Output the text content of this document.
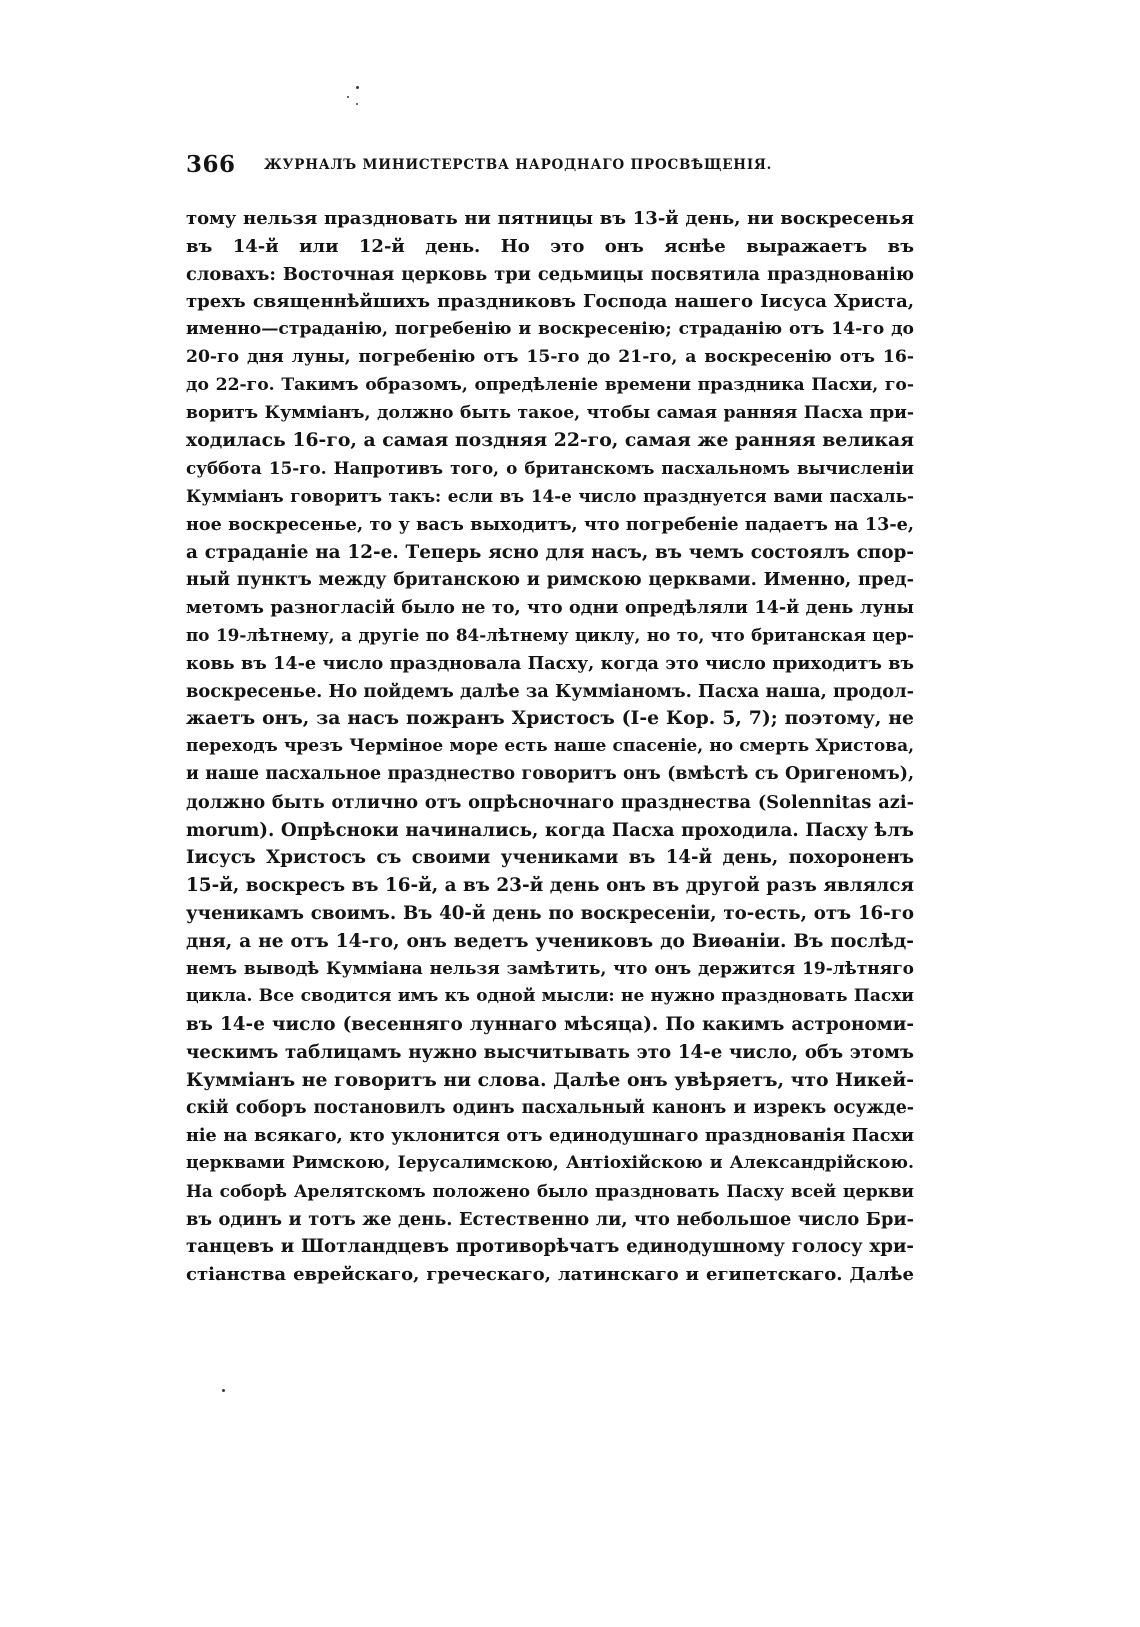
366 ЖУРНАЛЪ МИНИСТЕРСТВА НАРОДНАГО ПРОСВѢЩЕНІЯ.
тому нельзя праздновать ни пятницы въ 13-й день, ни воскресенья
въ 14-й или 12-й день. Но это онъ яснѣе выражаетъ въ
словахъ: Восточная церковь три седьмицы посвятила празднованію
трехъ священнѣйшихъ праздниковъ Господа нашего Іисуса Христа,
именно—страданію, погребенію и воскресенію; страданію отъ 14-го до
20-го дня луны, погребенію отъ 15-го до 21-го, а воскресенію отъ 16-
до 22-го. Такимъ образомъ, опредѣленіе времени праздника Пасхи, го-
воритъ Кумміанъ, должно быть такое, чтобы самая ранняя Пасха при-
ходилась 16-го, а самая поздняя 22-го, самая же ранняя великая
суббота 15-го. Напротивъ того, о британскомъ пасхальномъ вычисленіи
Кумміанъ говоритъ такъ: если въ 14-е число празднуется вами пасхаль-
ное воскресенье, то у васъ выходитъ, что погребеніе падаетъ на 13-е,
а страданіе на 12-е. Теперь ясно для насъ, въ чемъ состоялъ спор-
ный пунктъ между британскою и римскою церквами. Именно, пред-
метомъ разногласій было не то, что одни опредѣляли 14-й день луны
по 19-лѣтнему, а другіе по 84-лѣтнему циклу, но то, что британская цер-
ковь въ 14-е число праздновала Пасху, когда это число приходитъ въ
воскресенье. Но пойдемъ далѣе за Куммiаномъ. Пасха наша, продол-
жаетъ онъ, за насъ пожранъ Христосъ (I-е Кор. 5, 7); поэтому, не
переходъ чрезъ Черміное море есть наше спасеніе, но смерть Христова,
и наше пасхальное празднество говоритъ онъ (вмѣстѣ съ Оригеномъ),
должно быть отлично отъ опрѣсночнаго празднества (Solennitas azi-
morum). Опрѣсноки начинались, когда Пасха проходила. Пасху ѣлъ
Іисусъ Христосъ съ своими учениками въ 14-й день, похороненъ
15-й, воскресъ въ 16-й, а въ 23-й день онъ въ другой разъ являлся
ученикамъ своимъ. Въ 40-й день по воскресеніи, то-есть, отъ 16-го
дня, а не отъ 14-го, онъ ведетъ учениковъ до Виѳаніи. Въ послѣд-
немъ выводѣ Куммiана нельзя замѣтить, что онъ держится 19-лѣтняго
цикла. Все сводится имъ къ одной мысли: не нужно праздновать Пасхи
въ 14-е число (весенняго луннаго мѣсяца). По какимъ астрономи-
ческимъ таблицамъ нужно высчитывать это 14-е число, объ этомъ
Куммiанъ не говоритъ ни слова. Далѣе онъ увѣряетъ, что Никей-
скій соборъ постановилъ одинъ пасхальный канонъ и изрекъ осужде-
ніе на всякаго, кто уклонится отъ единодушнаго празднованія Пасхи
церквами Римскою, Іерусалимскою, Антіохійскою и Александрійскою.
На соборѣ Арелятскомъ положено было праздновать Пасху всей церкви
въ одинъ и тотъ же день. Естественно ли, что небольшое число Бри-
танцевъ и Шотландцевъ противорѣчатъ единодушному голосу хри-
стіанства еврейскаго, греческаго, латинскаго и египетскаго. Далѣе
